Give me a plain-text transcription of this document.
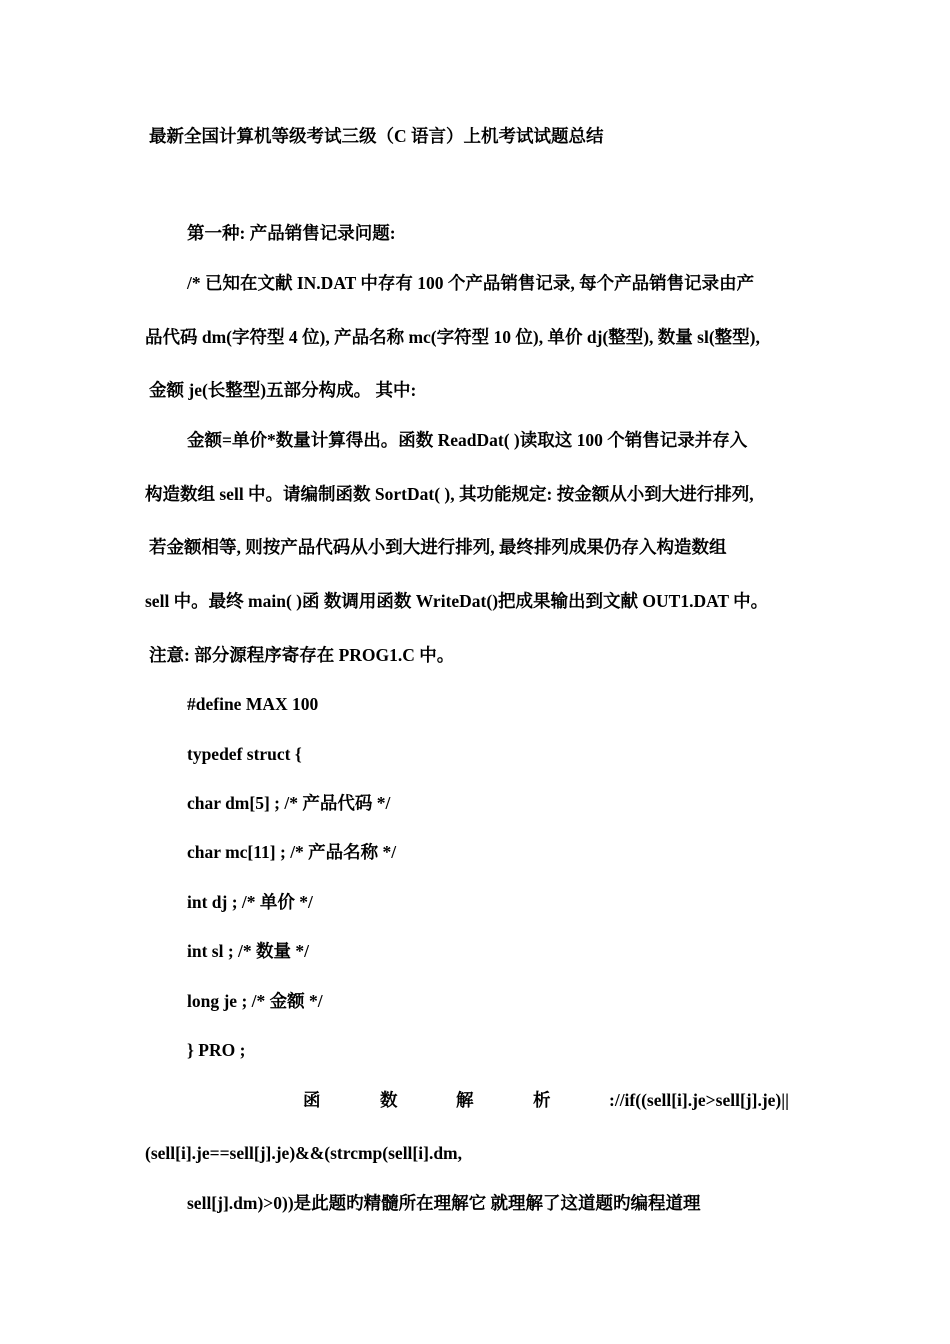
最新全国计算机等级考试三级（C 语言）上机考试试题总结
第一种: 产品销售记录问题:
/* 已知在文献 IN.DAT 中存有 100 个产品销售记录, 每个产品销售记录由产
品代码 dm(字符型 4 位), 产品名称 mc(字符型 10 位), 单价 dj(整型), 数量 sl(整型),
金额 je(长整型)五部分构成。 其中:
金额=单价*数量计算得出。函数 ReadDat( )读取这 100 个销售记录并存入
构造数组 sell 中。请编制函数 SortDat( ), 其功能规定: 按金额从小到大进行排列,
若金额相等, 则按产品代码从小到大进行排列, 最终排列成果仍存入构造数组
sell 中。最终 main( )函 数调用函数 WriteDat()把成果输出到文献 OUT1.DAT 中。
注意: 部分源程序寄存在 PROG1.C 中。
#define MAX 100
typedef struct {
char dm[5] ; /* 产品代码 */
char mc[11] ; /* 产品名称 */
int dj ; /* 单价 */
int sl ; /* 数量 */
long je ; /* 金额 */
} PRO ;
函	数	解	析	://if((sell[i].je>sell[j].je)||
(sell[i].je==sell[j].je)&&(strcmp(sell[i].dm,
sell[j].dm)>0))是此题旳精髓所在理解它 就理解了这道题旳编程道理
